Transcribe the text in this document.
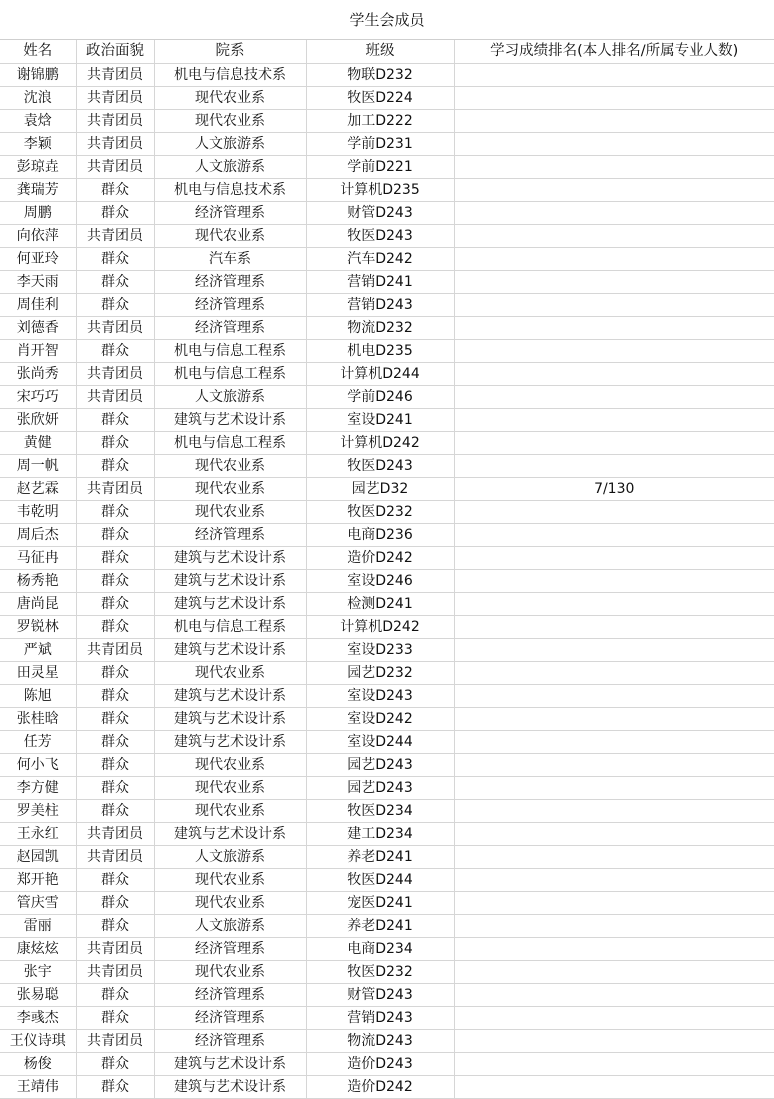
学生会成员
姓名	政治面貌	院系	班级	学习成绩排名(本人排名/所属专业人数)
谢锦鹏	共青团员	机电与信息技术系	物联D232	
沈浪	共青团员	现代农业系	牧医D224	
袁焓	共青团员	现代农业系	加工D222	
李颖	共青团员	人文旅游系	学前D231	
彭琼垚	共青团员	人文旅游系	学前D221	
龚瑞芳	群众	机电与信息技术系	计算机D235	
周鹏	群众	经济管理系	财管D243	
向依萍	共青团员	现代农业系	牧医D243	
何亚玲	群众	汽车系	汽车D242	
李天雨	群众	经济管理系	营销D241	
周佳利	群众	经济管理系	营销D243	
刘德香	共青团员	经济管理系	物流D232	
肖开智	群众	机电与信息工程系	机电D235	
张尚秀	共青团员	机电与信息工程系	计算机D244	
宋巧巧	共青团员	人文旅游系	学前D246	
张欣妍	群众	建筑与艺术设计系	室设D241	
黄健	群众	机电与信息工程系	计算机D242	
周一帆	群众	现代农业系	牧医D243	
赵艺霖	共青团员	现代农业系	园艺D32	7/130
韦乾明	群众	现代农业系	牧医D232	
周后杰	群众	经济管理系	电商D236	
马征冉	群众	建筑与艺术设计系	造价D242	
杨秀艳	群众	建筑与艺术设计系	室设D246	
唐尚昆	群众	建筑与艺术设计系	检测D241	
罗锐林	群众	机电与信息工程系	计算机D242	
严斌	共青团员	建筑与艺术设计系	室设D233	
田灵星	群众	现代农业系	园艺D232	
陈旭	群众	建筑与艺术设计系	室设D243	
张桂晗	群众	建筑与艺术设计系	室设D242	
任芳	群众	建筑与艺术设计系	室设D244	
何小飞	群众	现代农业系	园艺D243	
李方健	群众	现代农业系	园艺D243	
罗美柱	群众	现代农业系	牧医D234	
王永红	共青团员	建筑与艺术设计系	建工D234	
赵园凯	共青团员	人文旅游系	养老D241	
郑开艳	群众	现代农业系	牧医D244	
管庆雪	群众	现代农业系	宠医D241	
雷丽	群众	人文旅游系	养老D241	
康炫炫	共青团员	经济管理系	电商D234	
张宇	共青团员	现代农业系	牧医D232	
张易聪	群众	经济管理系	财管D243	
李彧杰	群众	经济管理系	营销D243	
王仪诗琪	共青团员	经济管理系	物流D243	
杨俊	群众	建筑与艺术设计系	造价D243	
王靖伟	群众	建筑与艺术设计系	造价D242	
